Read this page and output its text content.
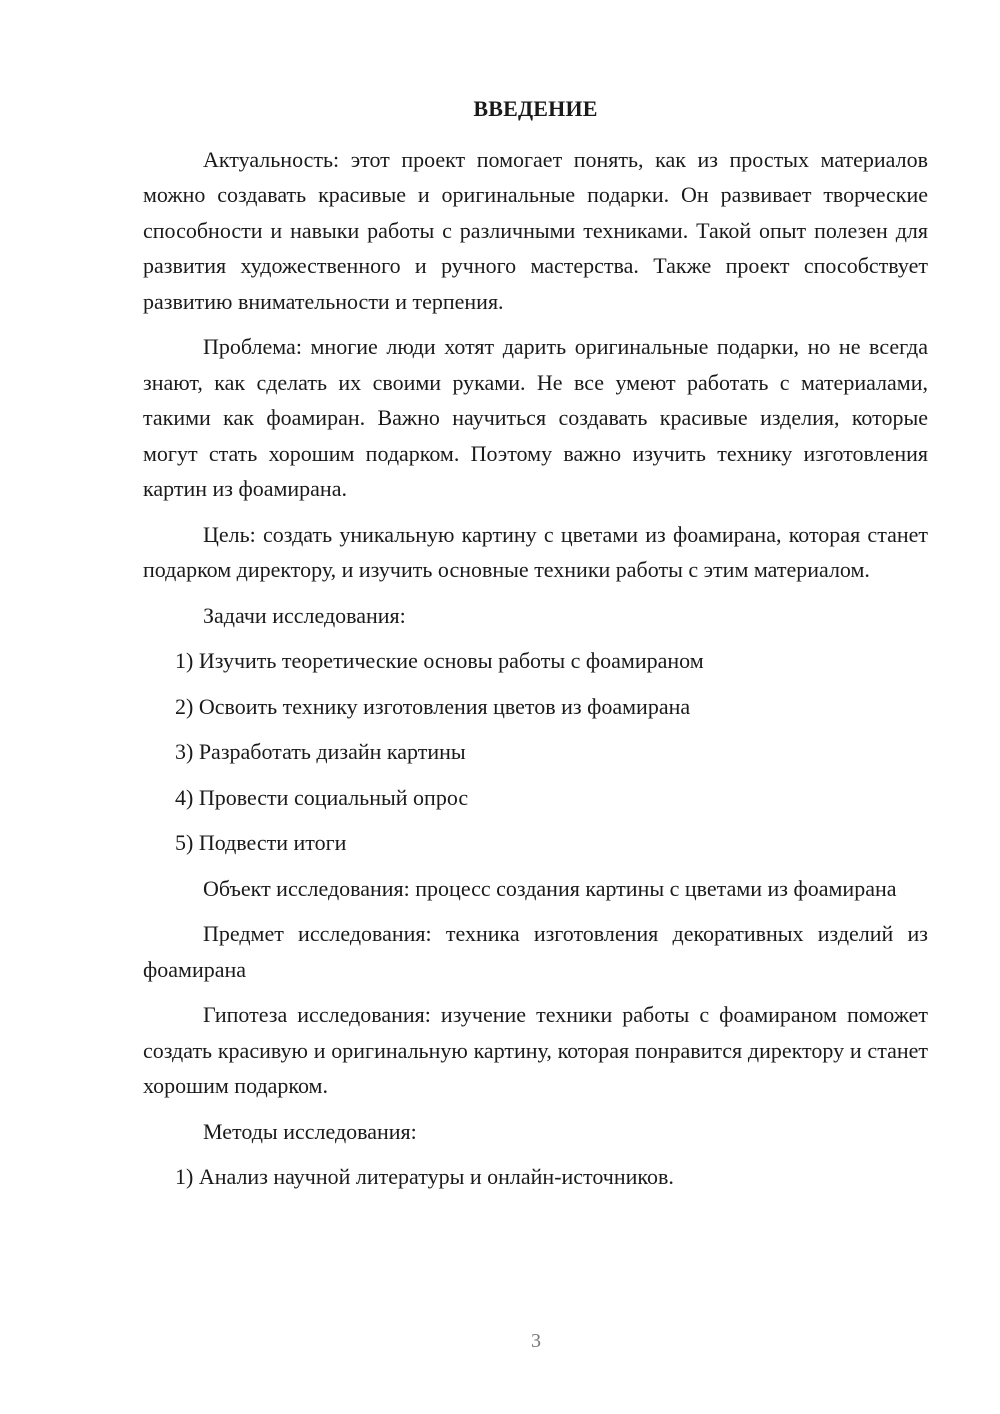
ВВЕДЕНИЕ

Актуальность: этот проект помогает понять, как из простых материалов можно создавать красивые и оригинальные подарки. Он развивает творческие способности и навыки работы с различными техниками. Такой опыт полезен для развития художественного и ручного мастерства. Также проект способствует развитию внимательности и терпения.

Проблема: многие люди хотят дарить оригинальные подарки, но не всегда знают, как сделать их своими руками. Не все умеют работать с материалами, такими как фоамиран. Важно научиться создавать красивые изделия, которые могут стать хорошим подарком. Поэтому важно изучить технику изготовления картин из фоамирана.

Цель: создать уникальную картину с цветами из фоамирана, которая станет подарком директору, и изучить основные техники работы с этим материалом.

Задачи исследования:

1) Изучить теоретические основы работы с фоамираном
2) Освоить технику изготовления цветов из фоамирана
3) Разработать дизайн картины
4) Провести социальный опрос
5) Подвести итоги

Объект исследования: процесс создания картины с цветами из фоамирана

Предмет исследования: техника изготовления декоративных изделий из фоамирана

Гипотеза исследования: изучение техники работы с фоамираном поможет создать красивую и оригинальную картину, которая понравится директору и станет хорошим подарком.

Методы исследования:

1) Анализ научной литературы и онлайн-источников.
3
